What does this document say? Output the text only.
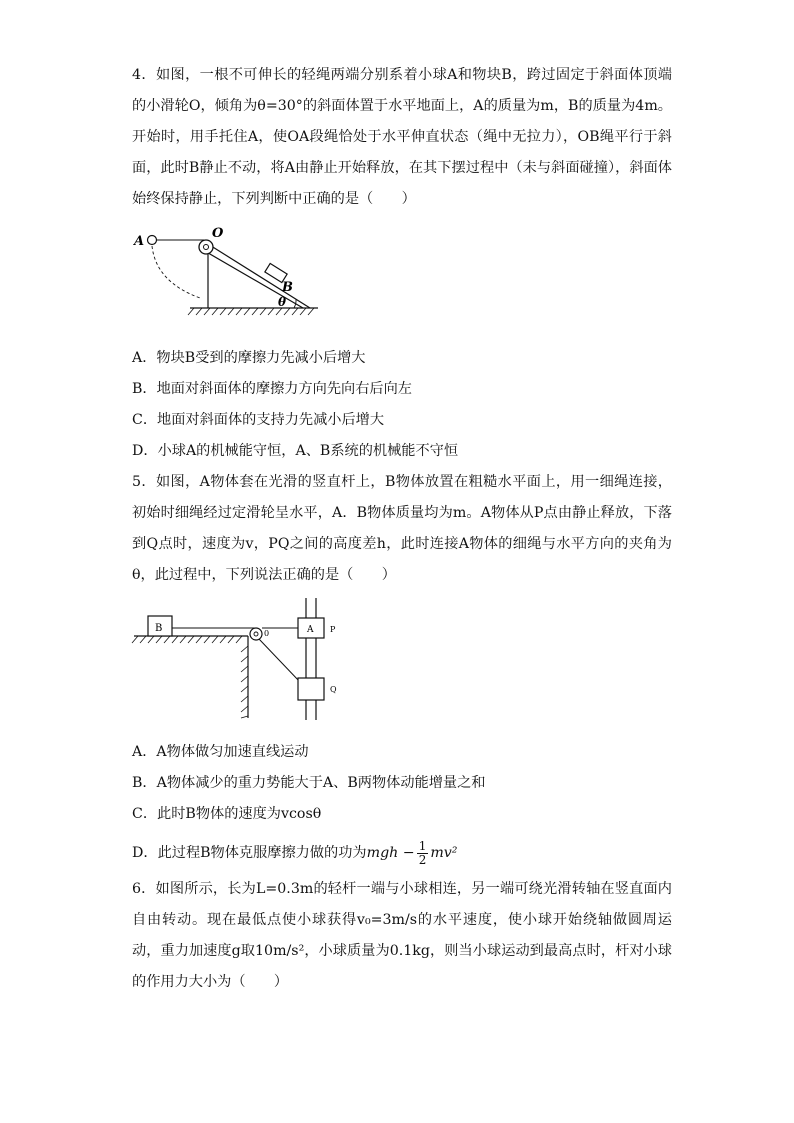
4．如图，一根不可伸长的轻绳两端分别系着小球A和物块B，跨过固定于斜面体顶端的小滑轮O，倾角为θ=30°的斜面体置于水平地面上，A的质量为m，B的质量为4m。开始时，用手托住A，使OA段绳恰处于水平伸直状态（绳中无拉力），OB绳平行于斜面，此时B静止不动，将A由静止开始释放，在其下摆过程中（未与斜面碰撞），斜面体始终保持静止，下列判断中正确的是（　　）

A
O
B
θ

A．物块B受到的摩擦力先减小后增大

B．地面对斜面体的摩擦力方向先向右后向左

C．地面对斜面体的支持力先减小后增大

D．小球A的机械能守恒，A、B系统的机械能不守恒

5．如图，A物体套在光滑的竖直杆上，B物体放置在粗糙水平面上，用一细绳连接，初始时细绳经过定滑轮呈水平，A．B物体质量均为m。A物体从P点由静止释放，下落到Q点时，速度为v，PQ之间的高度差h，此时连接A物体的细绳与水平方向的夹角为θ，此过程中，下列说法正确的是（　　）

B	0	A P
Q

A．A物体做匀加速直线运动

B．A物体减少的重力势能大于A、B两物体动能增量之和

C．此时B物体的速度为vcosθ

D．此过程B物体克服摩擦力做的功为mgh − $\frac{1}{2} mv^2$

6．如图所示，长为L=0.3m的轻杆一端与小球相连，另一端可绕光滑转轴在竖直面内自由转动。现在最低点使小球获得v₀=3m/s的水平速度，使小球开始绕轴做圆周运动，重力加速度g取10m/s²，小球质量为0.1kg，则当小球运动到最高点时，杆对小球的作用力大小为（　　）
